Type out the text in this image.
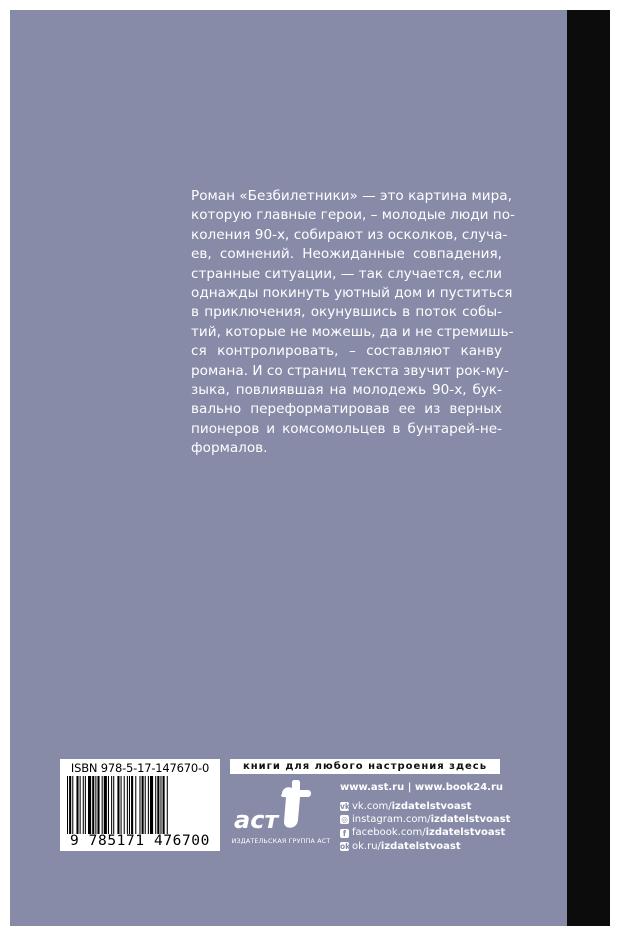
Роман «Безбилетники» — это картина мира,
которую главные герои, – молодые люди по-
коления 90-х, собирают из осколков, случа-
ев, сомнений. Неожиданные совпадения,
странные ситуации, — так случается, если
однажды покинуть уютный дом и пуститься
в приключения, окунувшись в поток собы-
тий, которые не можешь, да и не стремишь-
ся контролировать, – составляют канву
романа. И со страниц текста звучит рок-му-
зыка, повлиявшая на молодежь 90-х, бук-
вально переформатировав ее из верных
пионеров и комсомольцев в бунтарей-не-
формалов.
ISBN 978-5-17-147670-0
9 785171 476700
книги для любого настроения здесь
аст
ИЗДАТЕЛЬСКАЯ ГРУППА АСТ
www.ast.ru | www.book24.ru
vk vk.com/ izdatelstvoast
◎ instagram.com/ izdatelstvoast
f facebook.com/ izdatelstvoast
ok ok.ru/ izdatelstvoast
